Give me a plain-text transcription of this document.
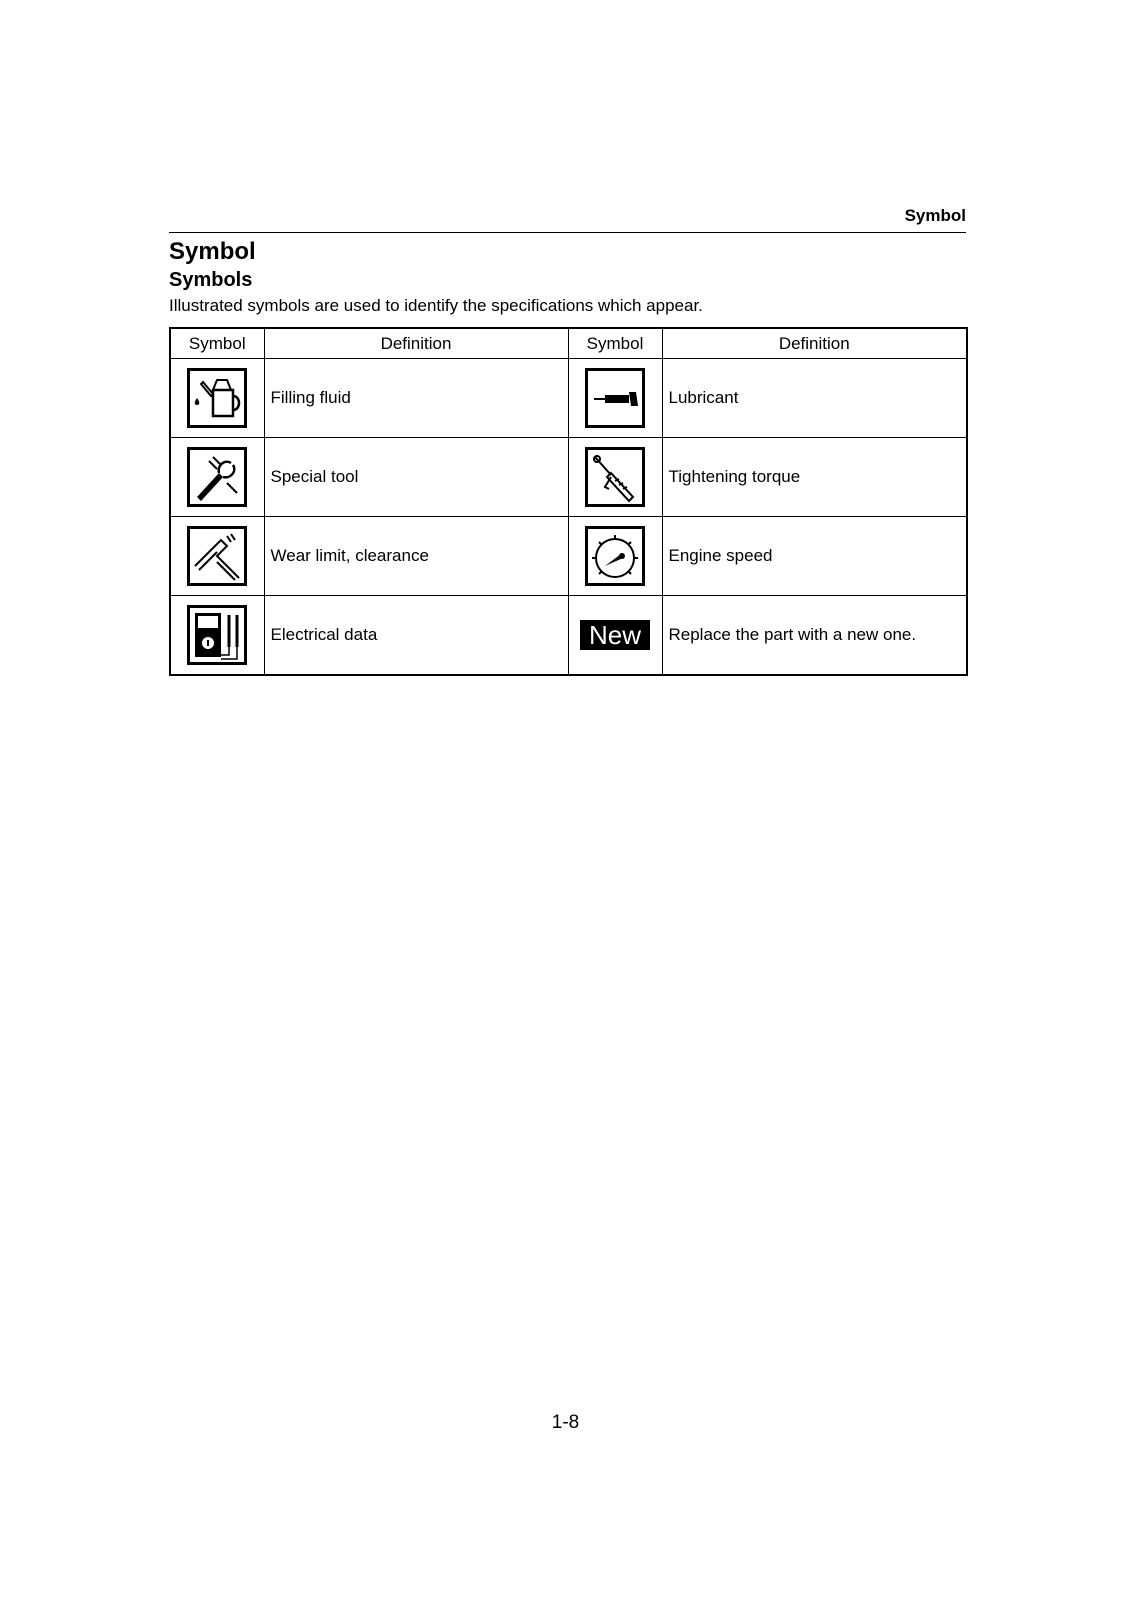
Symbol
Symbol
Symbols
Illustrated symbols are used to identify the specifications which appear.
Symbol	Definition	Symbol	Definition

	Filling fluid		Lubricant

	Special tool		Tightening torque

	Wear limit, clearance		Engine speed

	Electrical data	New	Replace the part with a new one.
1-8
